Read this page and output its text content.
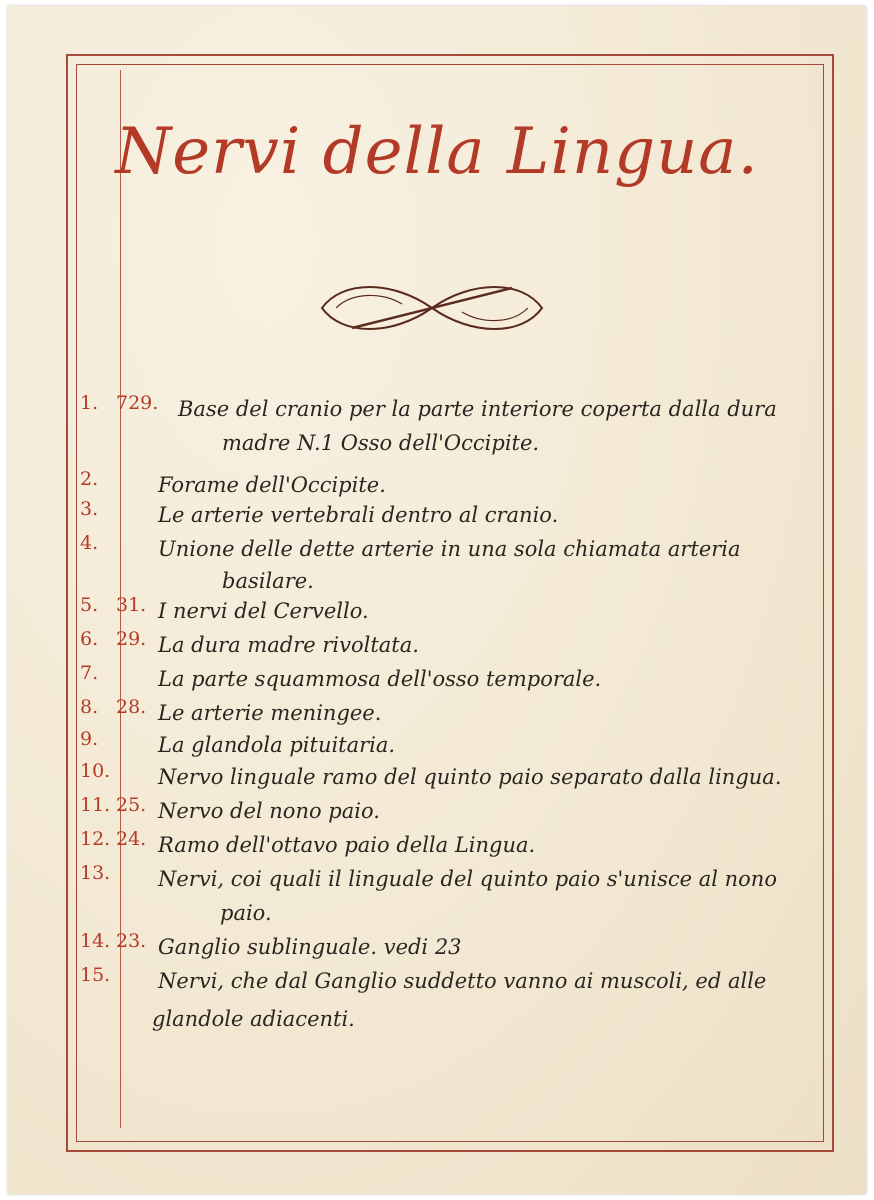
Nervi della Lingua.
1. 729. Base del cranio per la parte interiore coperta dalla dura
madre N.1 Osso dell'Occipite.
2.	Forame dell'Occipite.
3.	Le arterie vertebrali dentro al cranio.
4.	Unione delle dette arterie in una sola chiamata arteria
basilare.
5. 31. I nervi del Cervello.
6. 29. La dura madre rivoltata.
7.	La parte squammosa dell'osso temporale.
8. 28. Le arterie meningee.
9.	La glandola pituitaria.
10. Nervo linguale ramo del quinto paio separato dalla lingua.
11. 25. Nervo del nono paio.
12. 24. Ramo dell'ottavo paio della Lingua.
13. Nervi, coi quali il linguale del quinto paio s'unisce al nono
paio.
14. 23. Ganglio sublinguale. vedi 23
15. Nervi, che dal Ganglio suddetto vanno ai muscoli, ed alle
glandole adiacenti.
